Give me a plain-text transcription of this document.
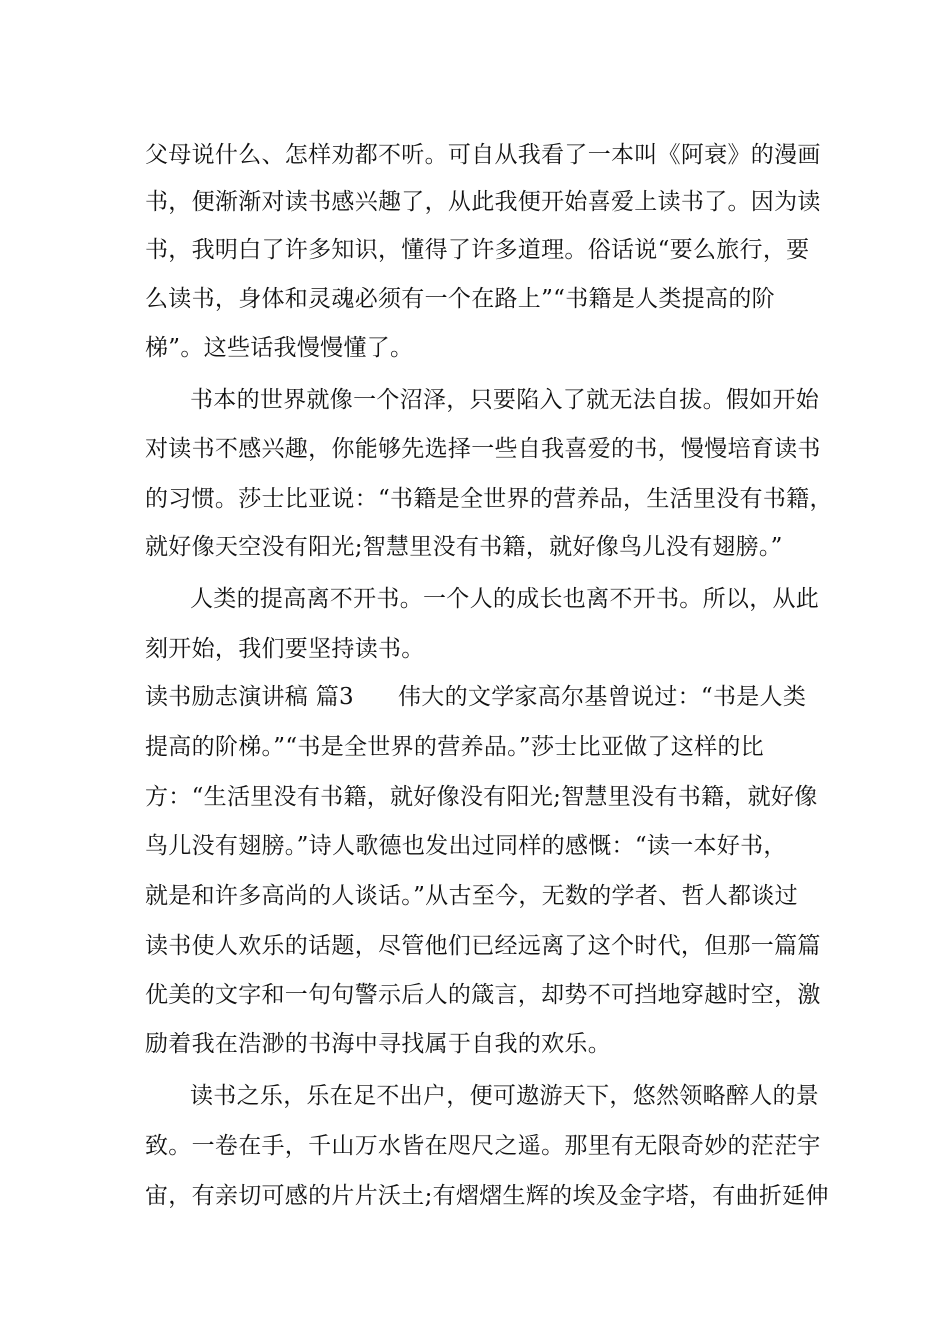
父母说什么、怎样劝都不听。可自从我看了一本叫《阿衰》的漫画
书，便渐渐对读书感兴趣了，从此我便开始喜爱上读书了。因为读
书，我明白了许多知识，懂得了许多道理。俗话说“要么旅行，要
么读书，身体和灵魂必须有一个在路上”“书籍是人类提高的阶
梯”。这些话我慢慢懂了。
书本的世界就像一个沼泽，只要陷入了就无法自拔。假如开始
对读书不感兴趣，你能够先选择一些自我喜爱的书，慢慢培育读书
的习惯。莎士比亚说：“书籍是全世界的营养品，生活里没有书籍，
就好像天空没有阳光;智慧里没有书籍，就好像鸟儿没有翅膀。”
人类的提高离不开书。一个人的成长也离不开书。所以，从此
刻开始，我们要坚持读书。
读书励志演讲稿 篇3 伟大的文学家高尔基曾说过：“书是人类
提高的阶梯。”“书是全世界的营养品。”莎士比亚做了这样的比
方：“生活里没有书籍，就好像没有阳光;智慧里没有书籍，就好像
鸟儿没有翅膀。”诗人歌德也发出过同样的感慨：“读一本好书，
就是和许多高尚的人谈话。”从古至今，无数的学者、哲人都谈过
读书使人欢乐的话题，尽管他们已经远离了这个时代，但那一篇篇
优美的文字和一句句警示后人的箴言，却势不可挡地穿越时空，激
励着我在浩渺的书海中寻找属于自我的欢乐。
读书之乐，乐在足不出户，便可遨游天下，悠然领略醉人的景
致。一卷在手，千山万水皆在咫尺之遥。那里有无限奇妙的茫茫宇
宙，有亲切可感的片片沃土;有熠熠生辉的埃及金字塔，有曲折延伸
